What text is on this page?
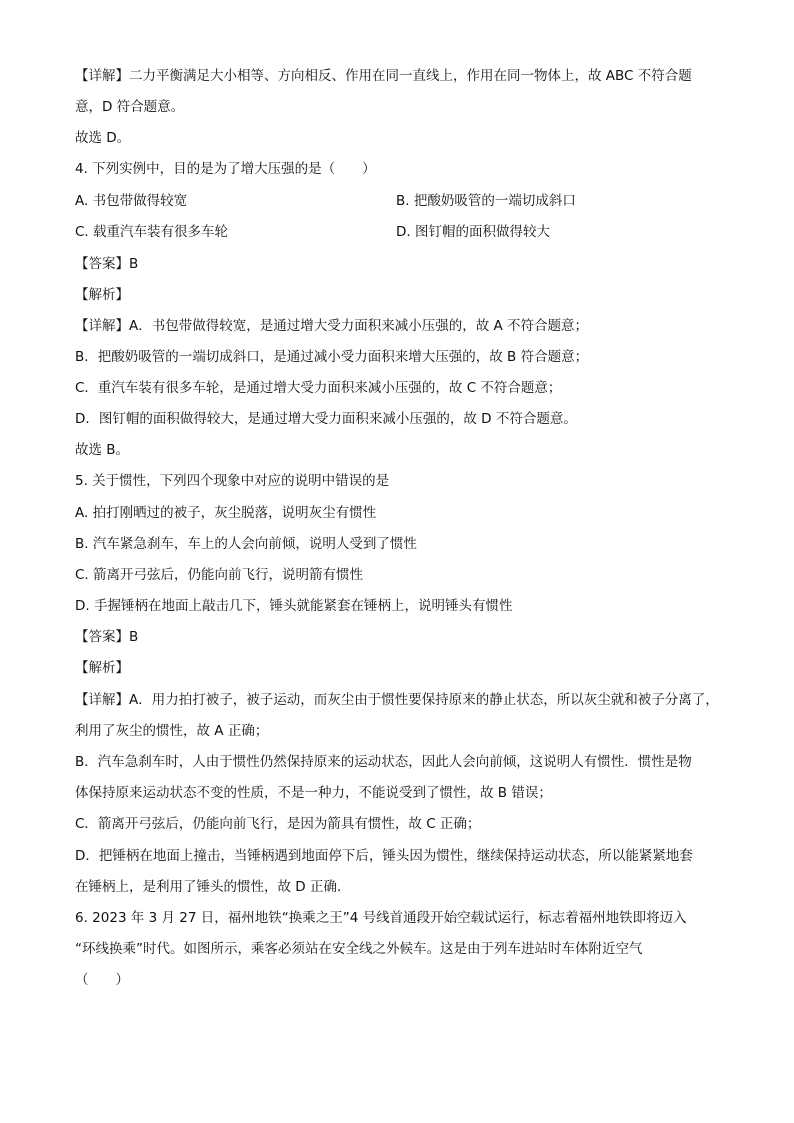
【详解】二力平衡满足大小相等、方向相反、作用在同一直线上，作用在同一物体上，故 ABC 不符合题
意，D 符合题意。
故选 D。
4. 下列实例中，目的是为了增大压强的是（　　）
A. 书包带做得较宽	B. 把酸奶吸管的一端切成斜口
C. 载重汽车装有很多车轮	D. 图钉帽的面积做得较大
【答案】B
【解析】
【详解】A．书包带做得较宽，是通过增大受力面积来减小压强的，故 A 不符合题意；
B．把酸奶吸管的一端切成斜口，是通过减小受力面积来增大压强的，故 B 符合题意；
C．重汽车装有很多车轮，是通过增大受力面积来减小压强的，故 C 不符合题意；
D．图钉帽的面积做得较大，是通过增大受力面积来减小压强的，故 D 不符合题意。
故选 B。
5. 关于惯性，下列四个现象中对应的说明中错误的是
A. 拍打刚晒过的被子，灰尘脱落，说明灰尘有惯性
B. 汽车紧急刹车，车上的人会向前倾，说明人受到了惯性
C. 箭离开弓弦后，仍能向前飞行，说明箭有惯性
D. 手握锤柄在地面上敲击几下，锤头就能紧套在锤柄上，说明锤头有惯性
【答案】B
【解析】
【详解】A．用力拍打被子，被子运动，而灰尘由于惯性要保持原来的静止状态，所以灰尘就和被子分离了，
利用了灰尘的惯性，故 A 正确；
B．汽车急刹车时，人由于惯性仍然保持原来的运动状态，因此人会向前倾，这说明人有惯性．惯性是物
体保持原来运动状态不变的性质，不是一种力，不能说受到了惯性，故 B 错误；
C．箭离开弓弦后，仍能向前飞行，是因为箭具有惯性，故 C 正确；
D．把锤柄在地面上撞击，当锤柄遇到地面停下后，锤头因为惯性，继续保持运动状态，所以能紧紧地套
在锤柄上，是利用了锤头的惯性，故 D 正确．
6. 2023 年 3 月 27 日，福州地铁“换乘之王”4 号线首通段开始空载试运行，标志着福州地铁即将迈入
“环线换乘”时代。如图所示，乘客必须站在安全线之外候车。这是由于列车进站时车体附近空气
（　　）
